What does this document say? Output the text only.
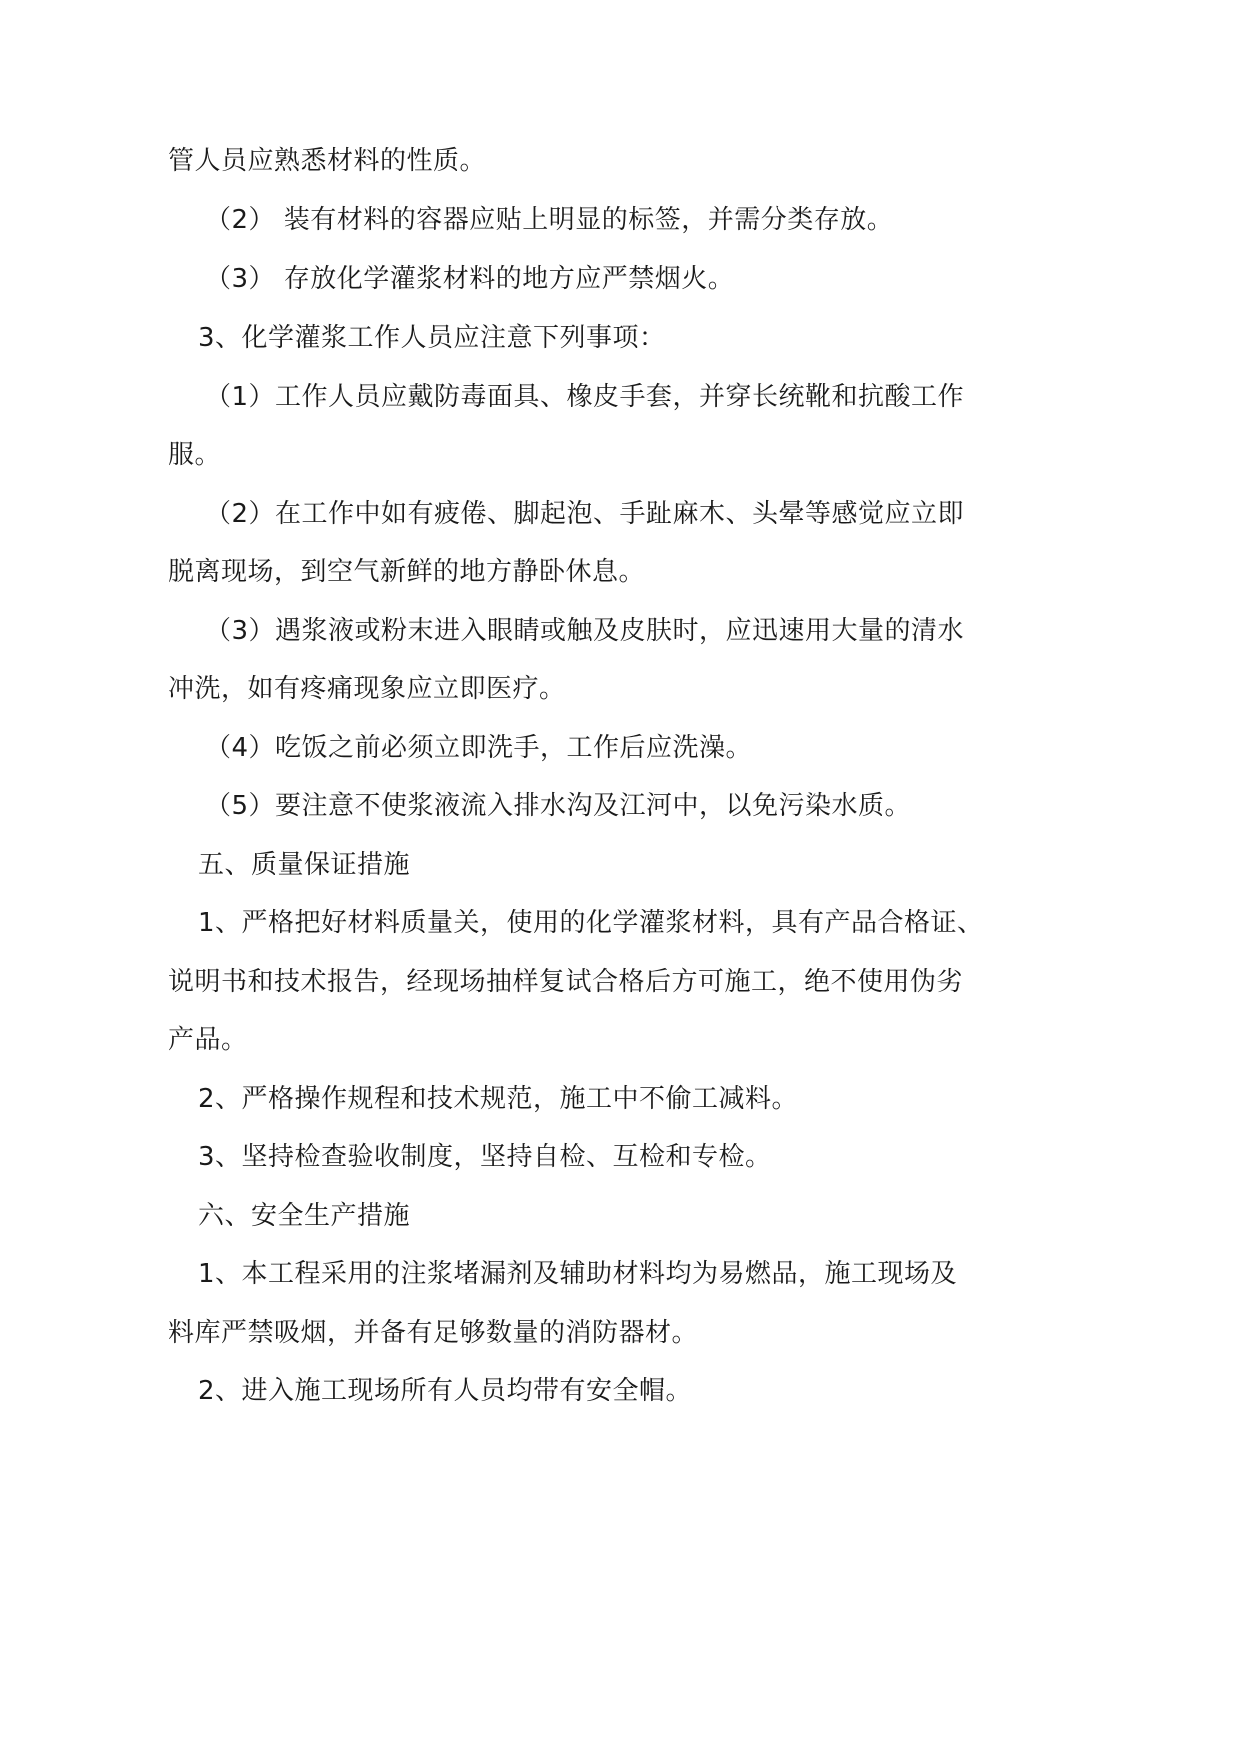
管人员应熟悉材料的性质。
（2） 装有材料的容器应贴上明显的标签，并需分类存放。
（3） 存放化学灌浆材料的地方应严禁烟火。
3、化学灌浆工作人员应注意下列事项：
（1）工作人员应戴防毒面具、橡皮手套，并穿长统靴和抗酸工作
服。
（2）在工作中如有疲倦、脚起泡、手趾麻木、头晕等感觉应立即
脱离现场，到空气新鲜的地方静卧休息。
（3）遇浆液或粉末进入眼睛或触及皮肤时，应迅速用大量的清水
冲洗，如有疼痛现象应立即医疗。
（4）吃饭之前必须立即洗手，工作后应洗澡。
（5）要注意不使浆液流入排水沟及江河中，以免污染水质。
五、质量保证措施
1、严格把好材料质量关，使用的化学灌浆材料，具有产品合格证、
说明书和技术报告，经现场抽样复试合格后方可施工，绝不使用伪劣
产品。
2、严格操作规程和技术规范，施工中不偷工减料。
3、坚持检查验收制度，坚持自检、互检和专检。
六、安全生产措施
1、本工程采用的注浆堵漏剂及辅助材料均为易燃品，施工现场及
料库严禁吸烟，并备有足够数量的消防器材。
2、进入施工现场所有人员均带有安全帽。
